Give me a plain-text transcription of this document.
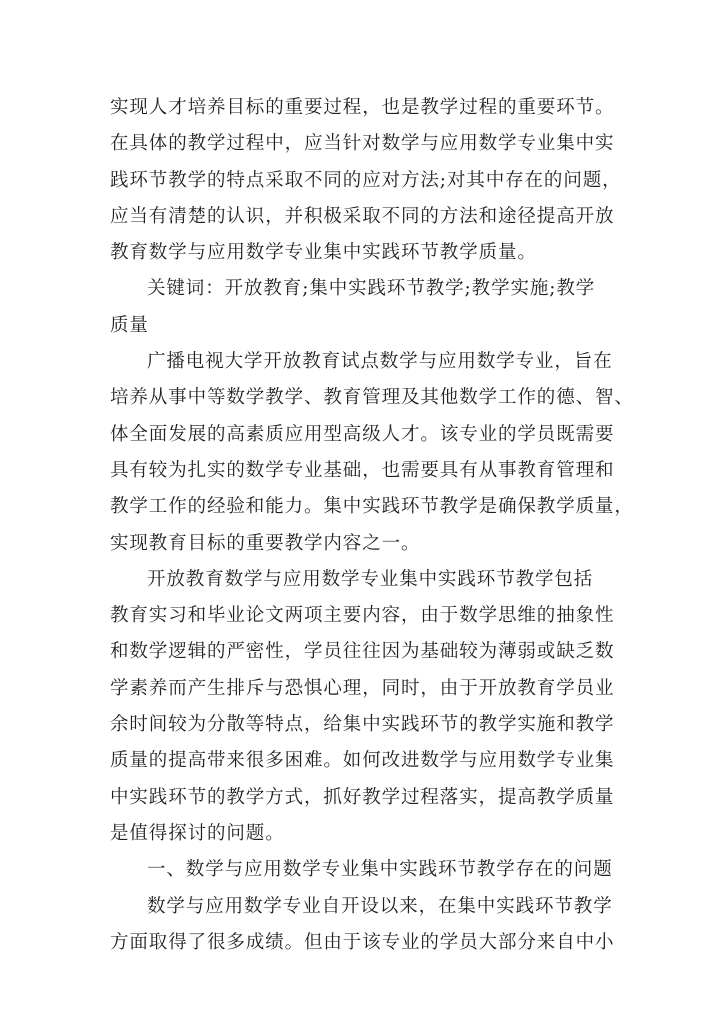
实现人才培养目标的重要过程，也是教学过程的重要环节。
在具体的教学过程中，应当针对数学与应用数学专业集中实
践环节教学的特点采取不同的应对方法;对其中存在的问题，
应当有清楚的认识，并积极采取不同的方法和途径提高开放
教育数学与应用数学专业集中实践环节教学质量。
关键词：开放教育;集中实践环节教学;教学实施;教学
质量
广播电视大学开放教育试点数学与应用数学专业，旨在
培养从事中等数学教学、教育管理及其他数学工作的德、智、
体全面发展的高素质应用型高级人才。该专业的学员既需要
具有较为扎实的数学专业基础，也需要具有从事教育管理和
教学工作的经验和能力。集中实践环节教学是确保教学质量，
实现教育目标的重要教学内容之一。
开放教育数学与应用数学专业集中实践环节教学包括
教育实习和毕业论文两项主要内容，由于数学思维的抽象性
和数学逻辑的严密性，学员往往因为基础较为薄弱或缺乏数
学素养而产生排斥与恐惧心理，同时，由于开放教育学员业
余时间较为分散等特点，给集中实践环节的教学实施和教学
质量的提高带来很多困难。如何改进数学与应用数学专业集
中实践环节的教学方式，抓好教学过程落实，提高教学质量
是值得探讨的问题。
一、数学与应用数学专业集中实践环节教学存在的问题
数学与应用数学专业自开设以来，在集中实践环节教学
方面取得了很多成绩。但由于该专业的学员大部分来自中小
